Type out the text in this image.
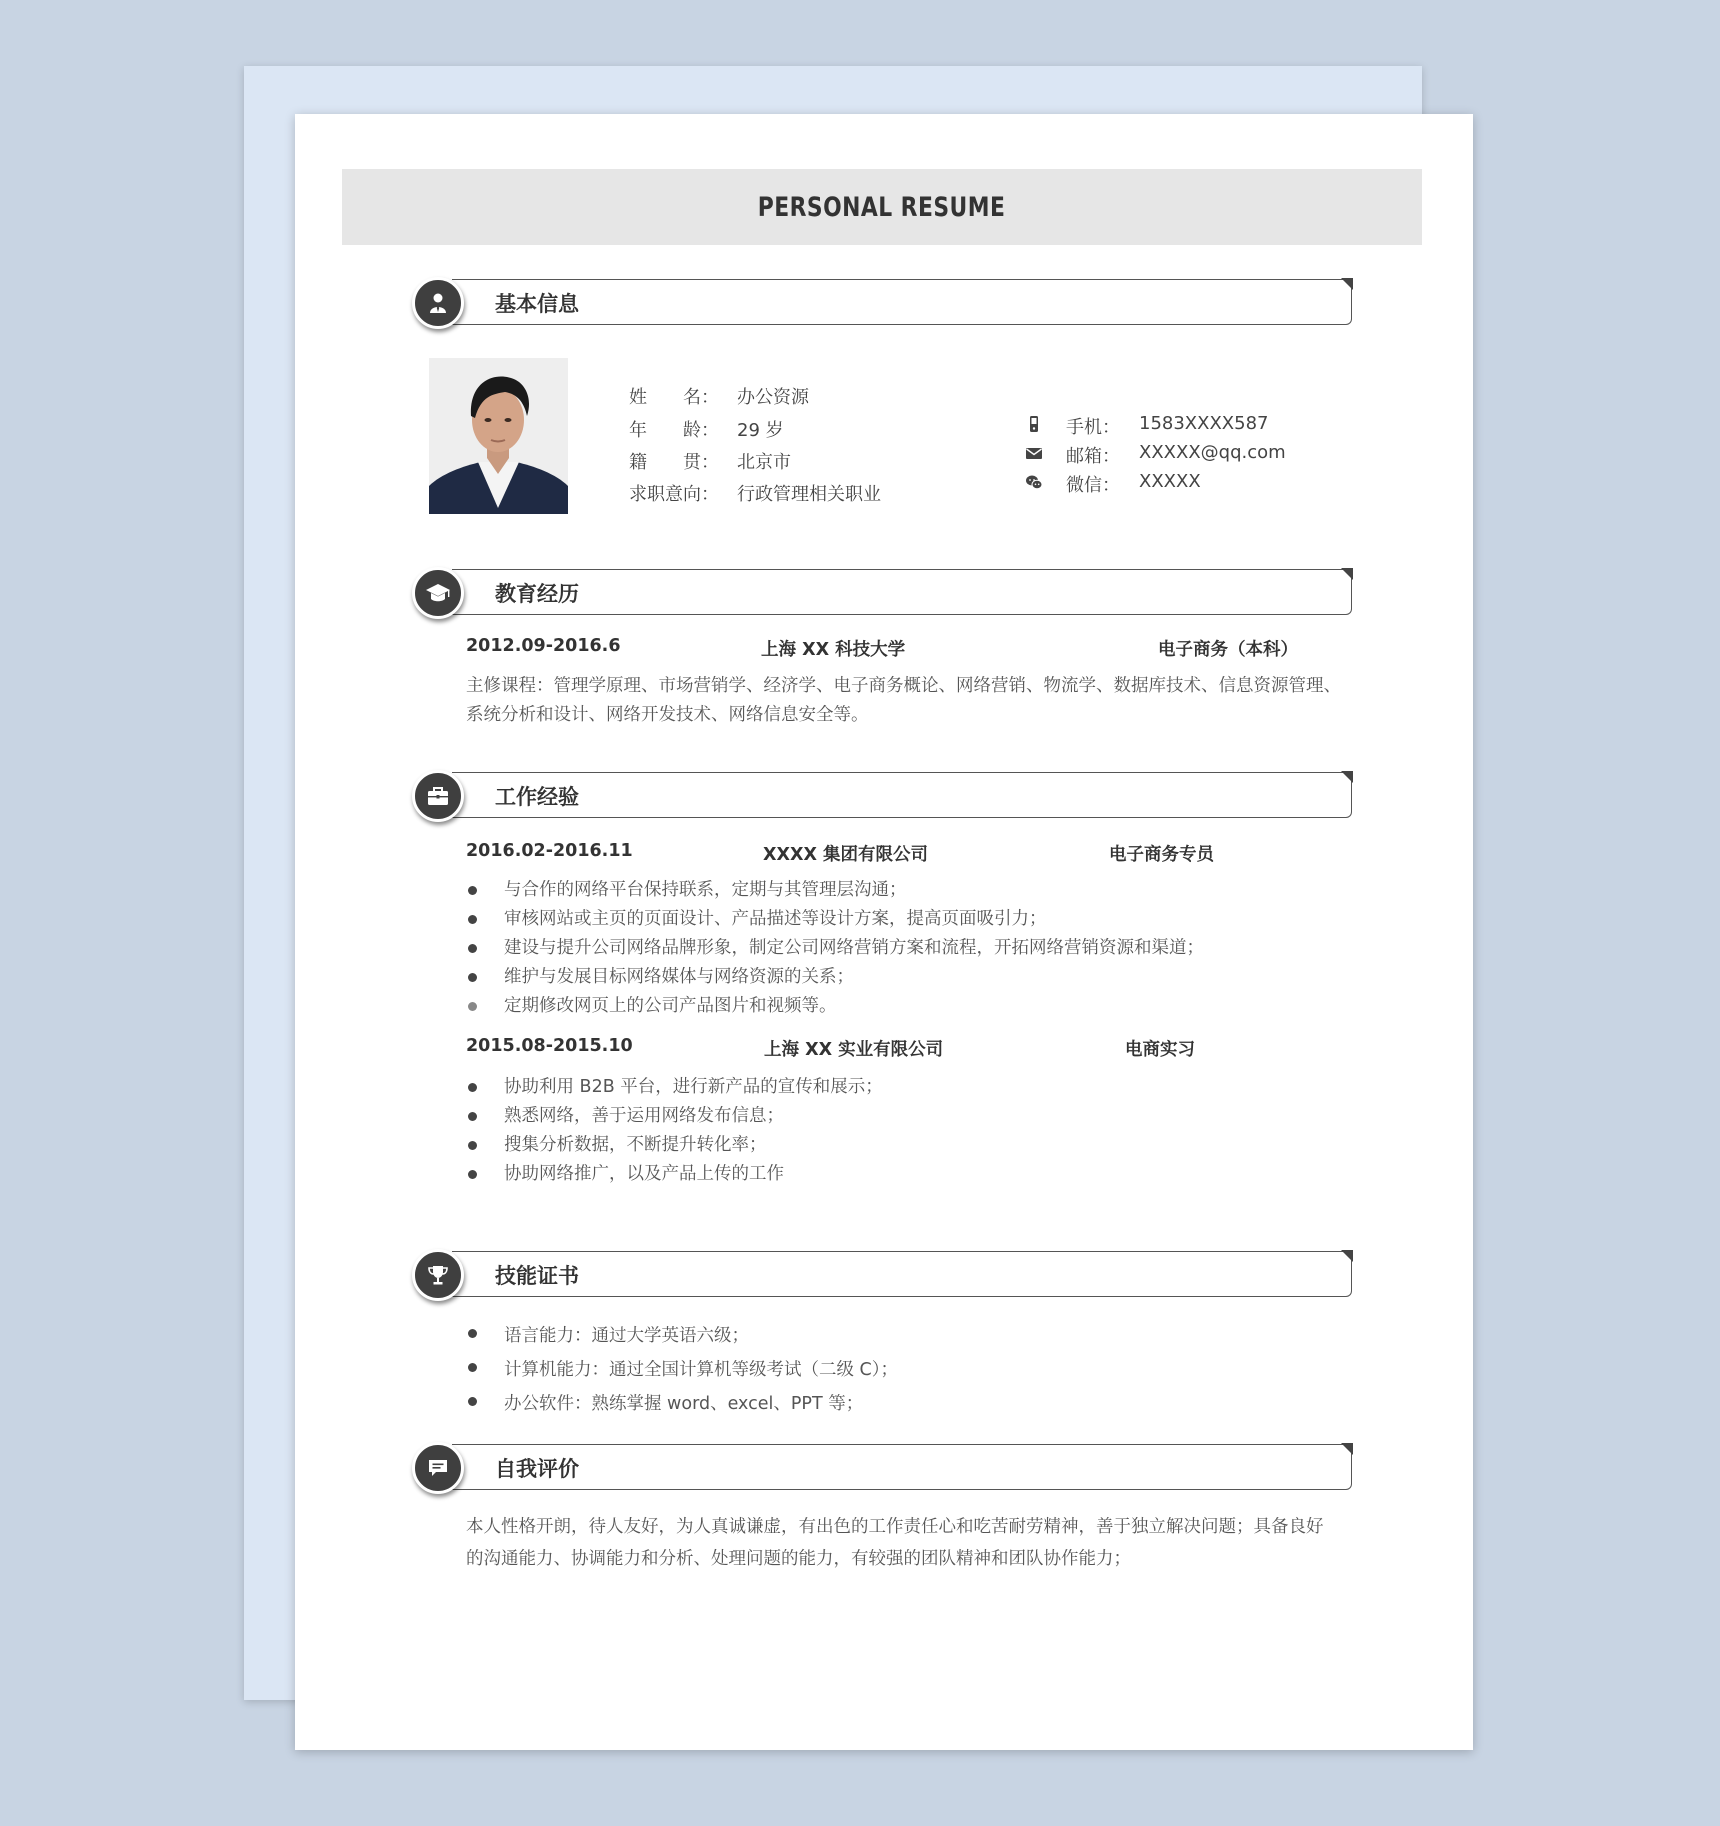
PERSONAL RESUME
基本信息
姓　　名： 办公资源
年　　龄： 29 岁
籍　　贯： 北京市
求职意向： 行政管理相关职业
手机： 1583XXXX587
邮箱： XXXXX@qq.com
微信： XXXXX
教育经历
2012.09-2016.6	上海 XX 科技大学	电子商务（本科）
主修课程：管理学原理、市场营销学、经济学、电子商务概论、网络营销、物流学、数据库技术、信息资源管理、系统分析和设计、网络开发技术、网络信息安全等。
工作经验
2016.02-2016.11	XXXX 集团有限公司	电子商务专员
与合作的网络平台保持联系，定期与其管理层沟通；
审核网站或主页的页面设计、产品描述等设计方案，提高页面吸引力；
建设与提升公司网络品牌形象，制定公司网络营销方案和流程，开拓网络营销资源和渠道；
维护与发展目标网络媒体与网络资源的关系；
定期修改网页上的公司产品图片和视频等。
2015.08-2015.10	上海 XX 实业有限公司	电商实习
协助利用 B2B 平台，进行新产品的宣传和展示；
熟悉网络，善于运用网络发布信息；
搜集分析数据，不断提升转化率；
协助网络推广，以及产品上传的工作
技能证书
语言能力：通过大学英语六级；
计算机能力：通过全国计算机等级考试（二级 C）；
办公软件：熟练掌握 word、excel、PPT 等；
自我评价
本人性格开朗，待人友好，为人真诚谦虚，有出色的工作责任心和吃苦耐劳精神，善于独立解决问题；具备良好的沟通能力、协调能力和分析、处理问题的能力，有较强的团队精神和团队协作能力；
